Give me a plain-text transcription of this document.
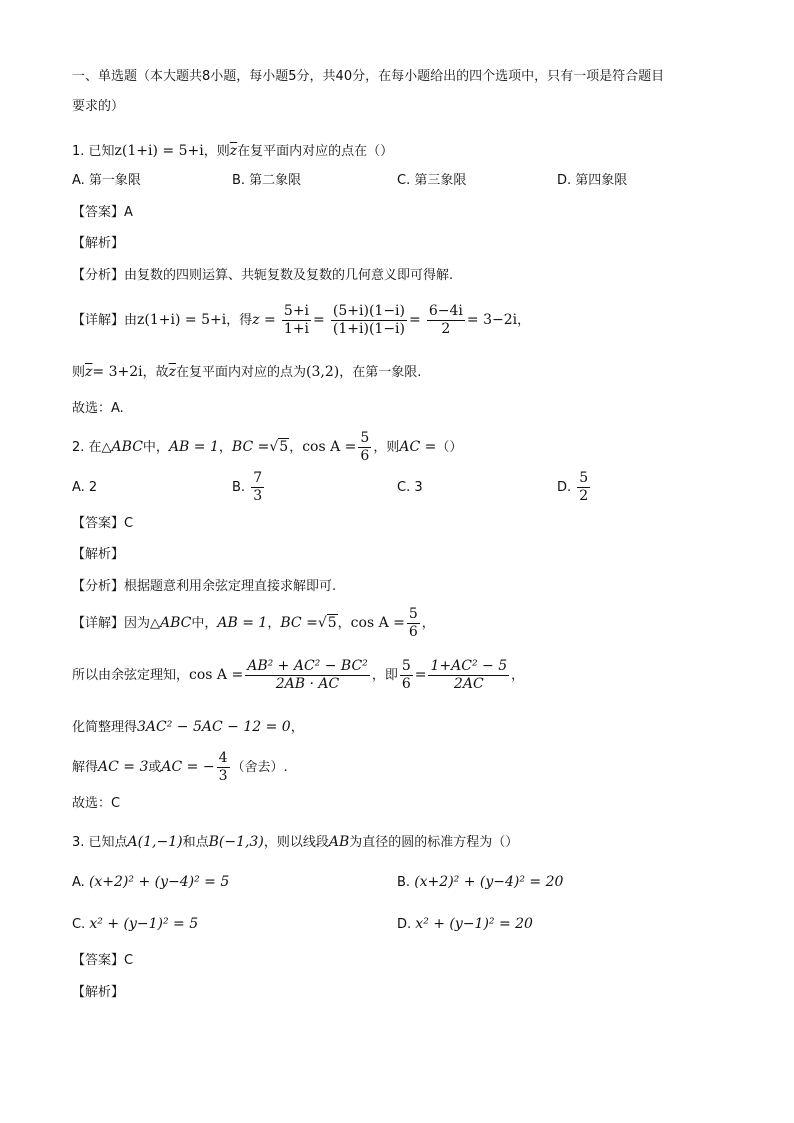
一、单选题（本大题共8小题，每小题5分，共40分，在每小题给出的四个选项中，只有一项是符合题目
要求的）
1. 已知z(1+i) = 5+i，则$\overline{z}$在复平面内对应的点在（）
A. 第一象限	B. 第二象限	C. 第三象限	D. 第四象限
【答案】A
【解析】
【分析】由复数的四则运算、共轭复数及复数的几何意义即可得解.
【详解】由z(1+i) = 5+i，得$z = \frac{5+i}{1+i} = \frac{(5+i)(1-i)}{(1+i)(1-i)} = \frac{6-4i}{2} = 3-2i$，
则$\overline{z}= 3+2i$，故$\overline{z}$在复平面内对应的点为(3,2)，在第一象限.
故选：A.
2. 在△ABC中，AB = 1，BC =√5，$\cos A = \frac{5}{6}$ ，则AC =（）
A. 2	B. $\frac{7}{3}$	C. 3	D. $\frac{5}{2}$
【答案】C
【解析】
【分析】根据题意利用余弦定理直接求解即可.
【详解】因为△ABC中，AB = 1，BC =√5，$\cos A = \frac{5}{6}$ ，
所以由余弦定理知，$\cos A = \frac{\text{AB² + AC² − BC²}}{2AB \cdot AC}$ ，即 $\frac{5}{6} = \frac{\text{1+AC² − 5}}{2AC}$ ，
化简整理得3AC² − 5AC − 12 = 0，
解得AC = 3或AC = − $\frac{4}{3}$ （舍去）.
故选：C
3. 已知点A(1,−1)和点B(−1,3)，则以线段AB为直径的圆的标准方程为（）
A. (x+2)² + (y−4)² = 5	B. (x+2)² + (y−4)² = 20
C. x² + (y−1)² = 5	D. x² + (y−1)² = 20
【答案】C
【解析】
